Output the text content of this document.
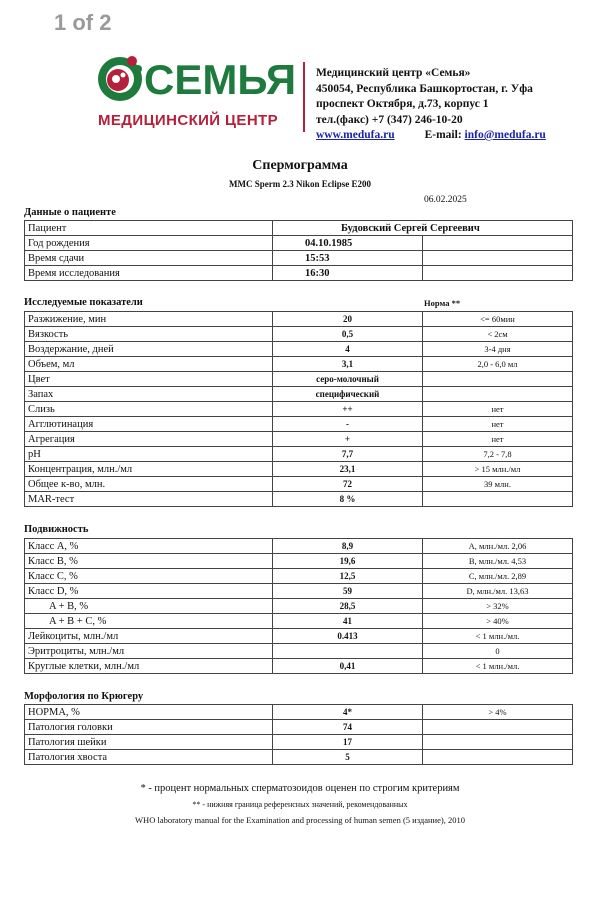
1 of 2
СЕМЬЯ
МЕДИЦИНСКИЙ ЦЕНТР
Медицинский центр «Семья»
450054, Республика Башкортостан, г. Уфа
проспект Октября, д.73, корпус 1
тел.(факс) +7 (347) 246-10-20
www.medufa.ru	E-mail: info@medufa.ru
Спермограмма
MMC Sperm 2.3 Nikon Eclipse E200
06.02.2025
Данные о пациенте
Пациент	Будовский Сергей Сергеевич	
Год рождения	04.10.1985	
Время сдачи	15:53	
Время исследования	16:30	
Исследуемые показатели	Норма **
Разжижение, мин	20	<= 60мин
Вязкость	0,5	< 2см
Воздержание, дней	4	3-4 дня
Объем, мл	3,1	2,0 - 6,0 мл
Цвет	серо-молочный	
Запах	специфический	
Слизь	++	нет
Агглютинация	-	нет
Агрегация	+	нет
pH	7,7	7,2 - 7,8
Концентрация, млн./мл	23,1	> 15 млн./мл
Общее к-во, млн.	72	39 млн.
MAR-тест	8 %	
Подвижность
Класс A, %	8,9	A, млн./мл. 2,06
Класс B, %	19,6	B, млн./мл. 4,53
Класс C, %	12,5	C, млн./мл. 2,89
Класс D, %	59	D, млн./мл. 13,63
A + B, %	28,5	> 32%
A + B + C, %	41	> 40%
Лейкоциты, млн./мл	0.413	< 1 млн./мл.
Эритроциты, млн./мл		0
Круглые клетки, млн./мл	0,41	< 1 млн./мл.
Морфология по Крюгеру
НОРМА, %	4*	> 4%
Патология головки	74	
Патология шейки	17	
Патология хвоста	5	
* - процент нормальных сперматозоидов оценен по строгим критериям
** - нижняя граница референсных значений, рекомендованных
WHO laboratory manual for the Examination and processing of human semen (5 издание), 2010
